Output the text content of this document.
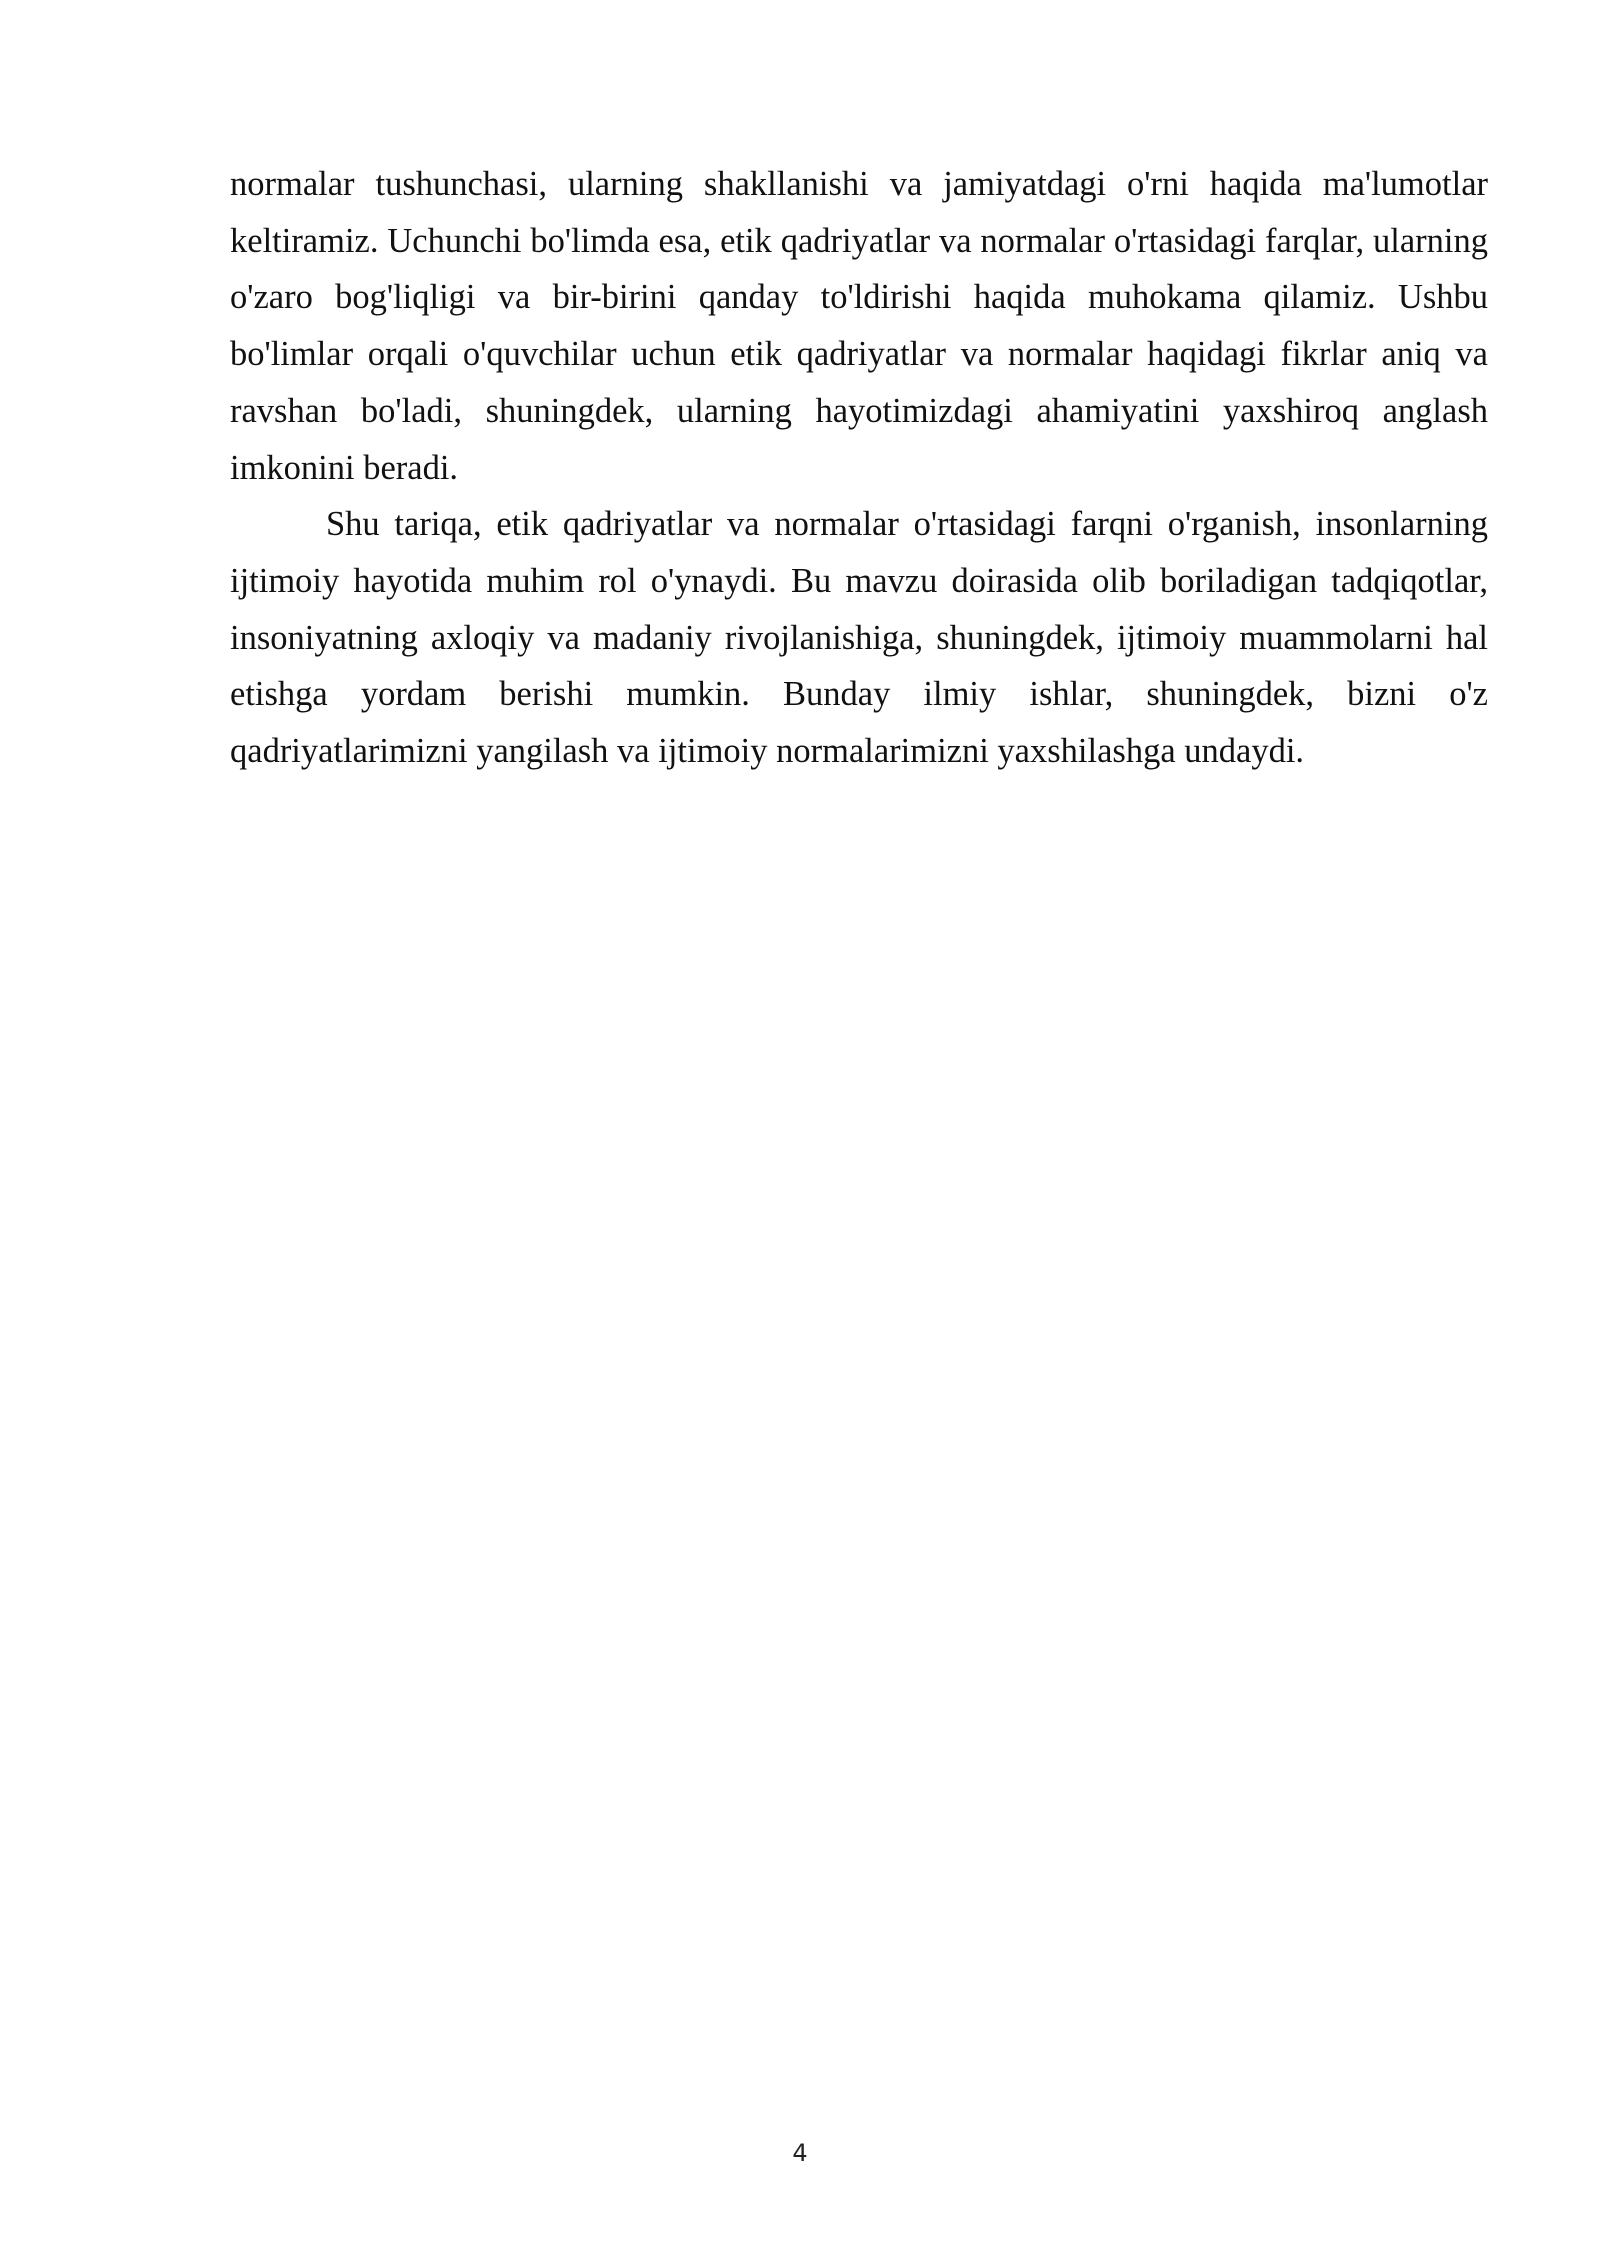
normalar tushunchasi, ularning shakllanishi va jamiyatdagi o'rni haqida ma'lumotlar keltiramiz. Uchunchi bo'limda esa, etik qadriyatlar va normalar o'rtasidagi farqlar, ularning o'zaro bog'liqligi va bir-birini qanday to'ldirishi haqida muhokama qilamiz. Ushbu bo'limlar orqali o'quvchilar uchun etik qadriyatlar va normalar haqidagi fikrlar aniq va ravshan bo'ladi, shuningdek, ularning hayotimizdagi ahamiyatini yaxshiroq anglash imkonini beradi.

Shu tariqa, etik qadriyatlar va normalar o'rtasidagi farqni o'rganish, insonlarning ijtimoiy hayotida muhim rol o'ynaydi. Bu mavzu doirasida olib boriladigan tadqiqotlar, insoniyatning axloqiy va madaniy rivojlanishiga, shuningdek, ijtimoiy muammolarni hal etishga yordam berishi mumkin. Bunday ilmiy ishlar, shuningdek, bizni o'z qadriyatlarimizni yangilash va ijtimoiy normalarimizni yaxshilashga undaydi.

4
